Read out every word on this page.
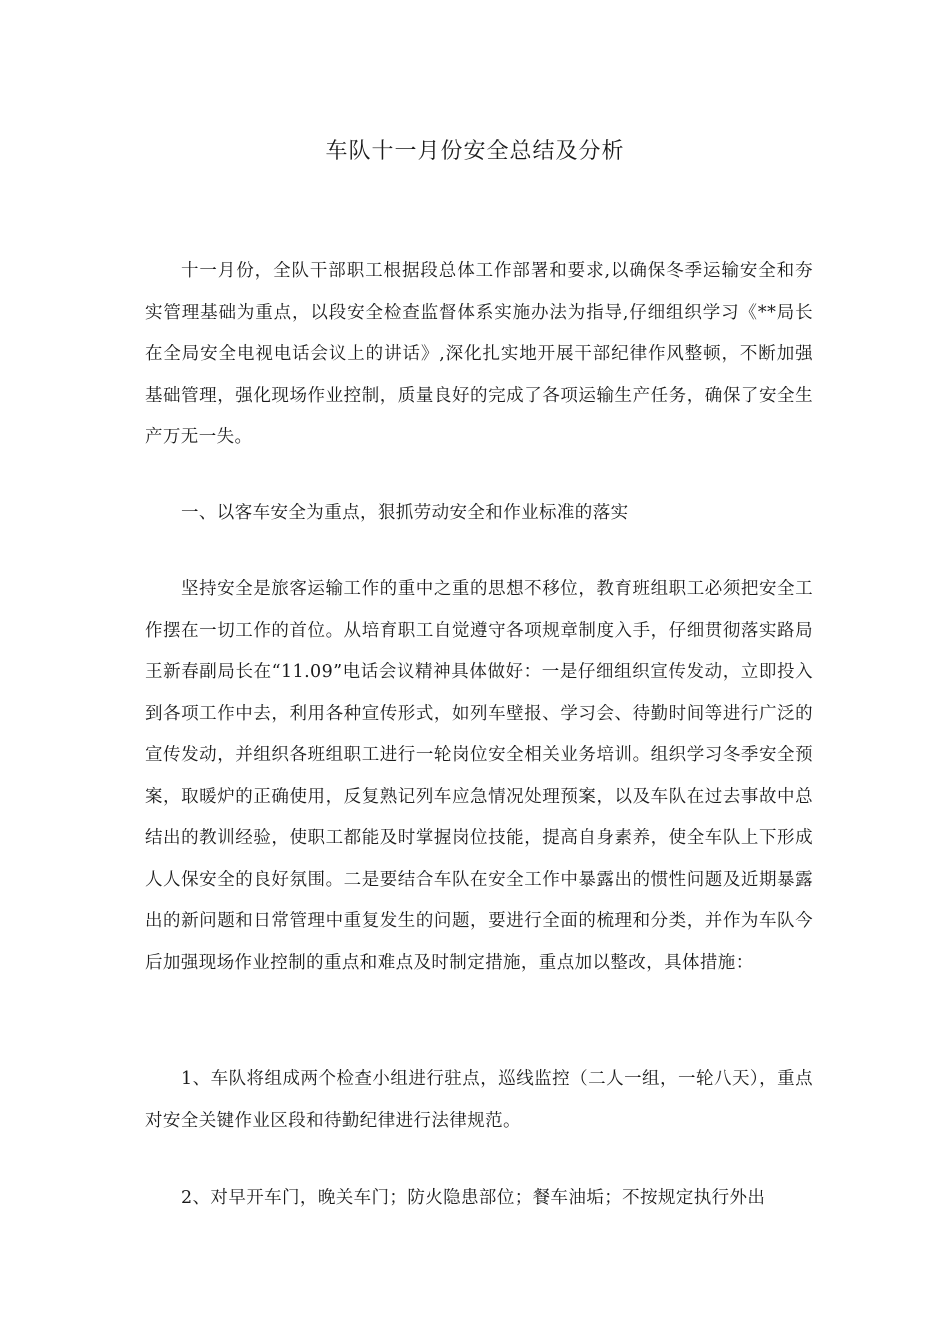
车队十一月份安全总结及分析

十一月份，全队干部职工根据段总体工作部署和要求,以确保冬季运输安全和夯实管理基础为重点，以段安全检查监督体系实施办法为指导,仔细组织学习《**局长在全局安全电视电话会议上的讲话》,深化扎实地开展干部纪律作风整顿，不断加强基础管理，强化现场作业控制，质量良好的完成了各项运输生产任务，确保了安全生产万无一失。

一、以客车安全为重点，狠抓劳动安全和作业标准的落实

坚持安全是旅客运输工作的重中之重的思想不移位，教育班组职工必须把安全工作摆在一切工作的首位。从培育职工自觉遵守各项规章制度入手，仔细贯彻落实路局王新春副局长在“11.09”电话会议精神具体做好：一是仔细组织宣传发动，立即投入到各项工作中去，利用各种宣传形式，如列车壁报、学习会、待勤时间等进行广泛的宣传发动，并组织各班组职工进行一轮岗位安全相关业务培训。组织学习冬季安全预案，取暖炉的正确使用，反复熟记列车应急情况处理预案，以及车队在过去事故中总结出的教训经验，使职工都能及时掌握岗位技能，提高自身素养，使全车队上下形成人人保安全的良好氛围。二是要结合车队在安全工作中暴露出的惯性问题及近期暴露出的新问题和日常管理中重复发生的问题，要进行全面的梳理和分类，并作为车队今后加强现场作业控制的重点和难点及时制定措施，重点加以整改，具体措施：

1、车队将组成两个检查小组进行驻点，巡线监控（二人一组，一轮八天），重点对安全关键作业区段和待勤纪律进行法律规范。

2、对早开车门，晚关车门；防火隐患部位；餐车油垢；不按规定执行外出
